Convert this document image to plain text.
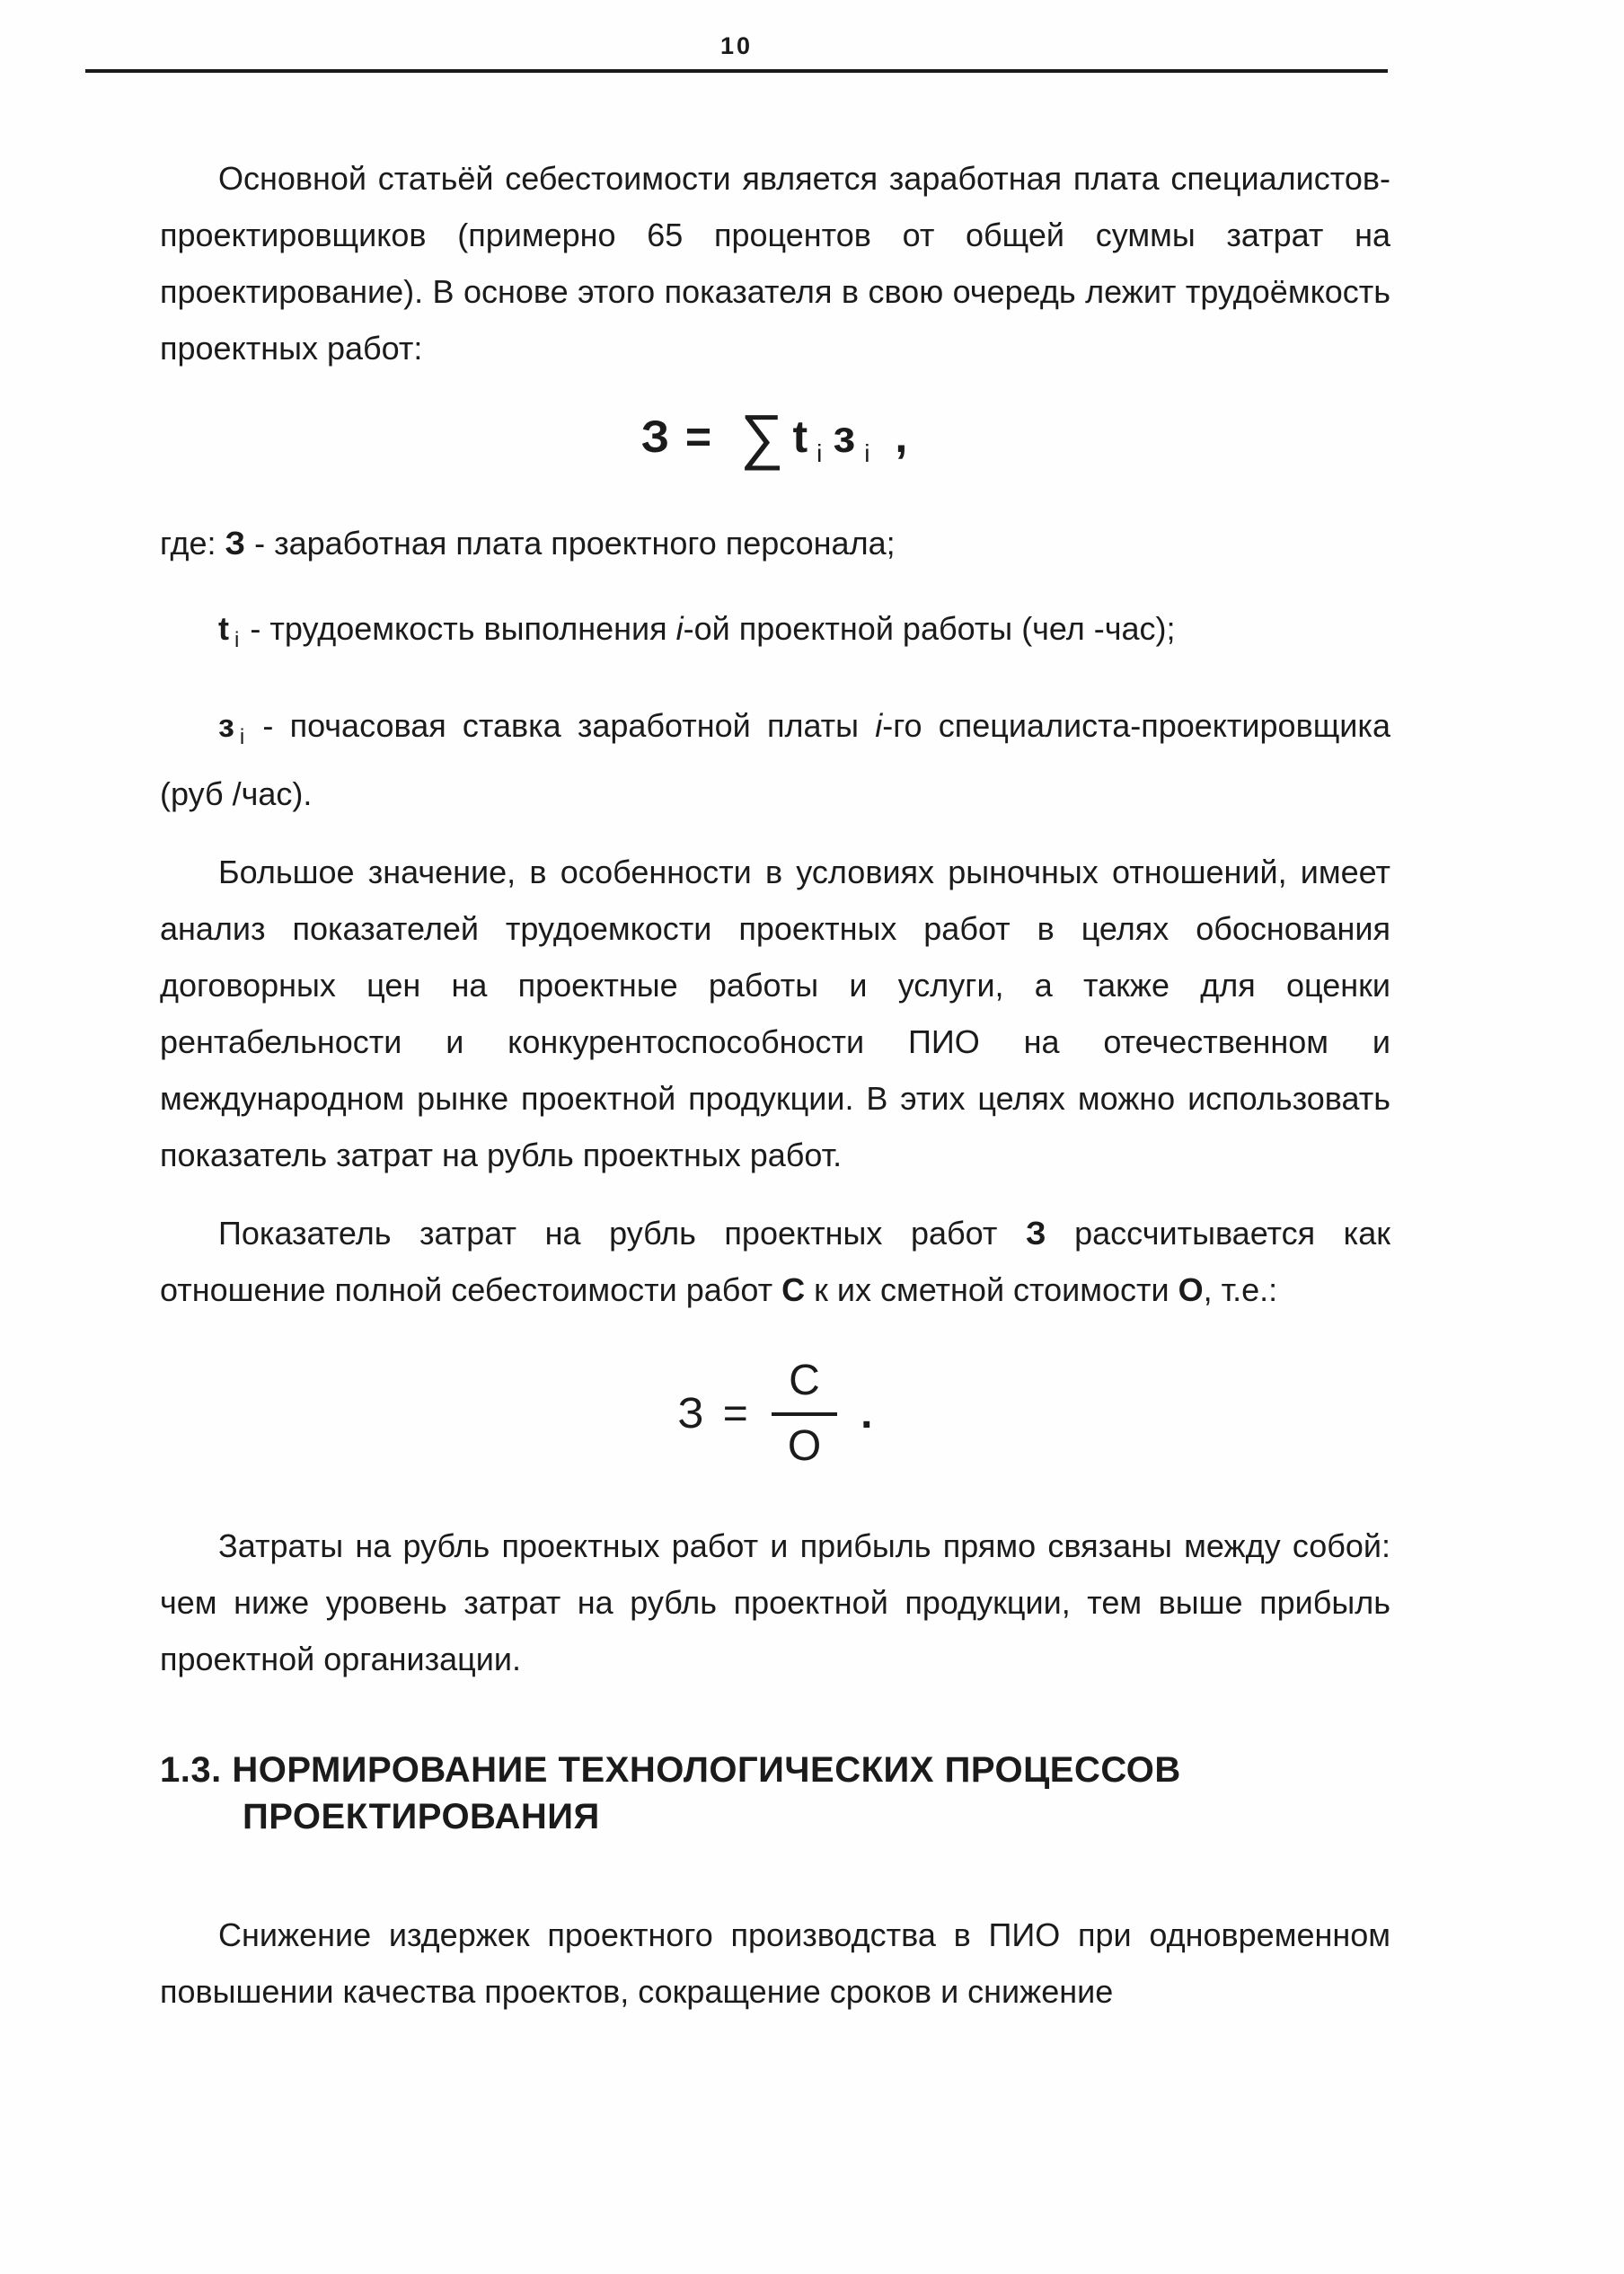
10

Основной статьёй себестоимости является заработная плата специалистов-проектировщиков (примерно 65 процентов от общей суммы затрат на проектирование). В основе этого показателя в свою очередь лежит трудоёмкость проектных работ:

З = ∑ t $_i$ з $_i$ ,

где: З - заработная плата проектного персонала;

t $_i$ - трудоемкость выполнения i-ой проектной работы (чел -час);

з $_i$ - почасовая ставка заработной платы i-го специалиста-проектировщика (руб /час).

Большое значение, в особенности в условиях рыночных отношений, имеет анализ показателей трудоемкости проектных работ в целях обоснования договорных цен на проектные работы и услуги, а также для оценки рентабельности и конкурентоспособности ПИО на отечественном и международном рынке проектной продукции. В этих целях можно использовать показатель затрат на рубль проектных работ.

Показатель затрат на рубль проектных работ З рассчитывается как отношение полной себестоимости работ С к их сметной стоимости О, т.е.:

$З = \frac{С}{О}$ .

Затраты на рубль проектных работ и прибыль прямо связаны между собой: чем ниже уровень затрат на рубль проектной продукции, тем выше прибыль проектной организации.

1.3. НОРМИРОВАНИЕ ТЕХНОЛОГИЧЕСКИХ ПРОЦЕССОВ
ПРОЕКТИРОВАНИЯ

Снижение издержек проектного производства в ПИО при одновременном повышении качества проектов, сокращение сроков и снижение
